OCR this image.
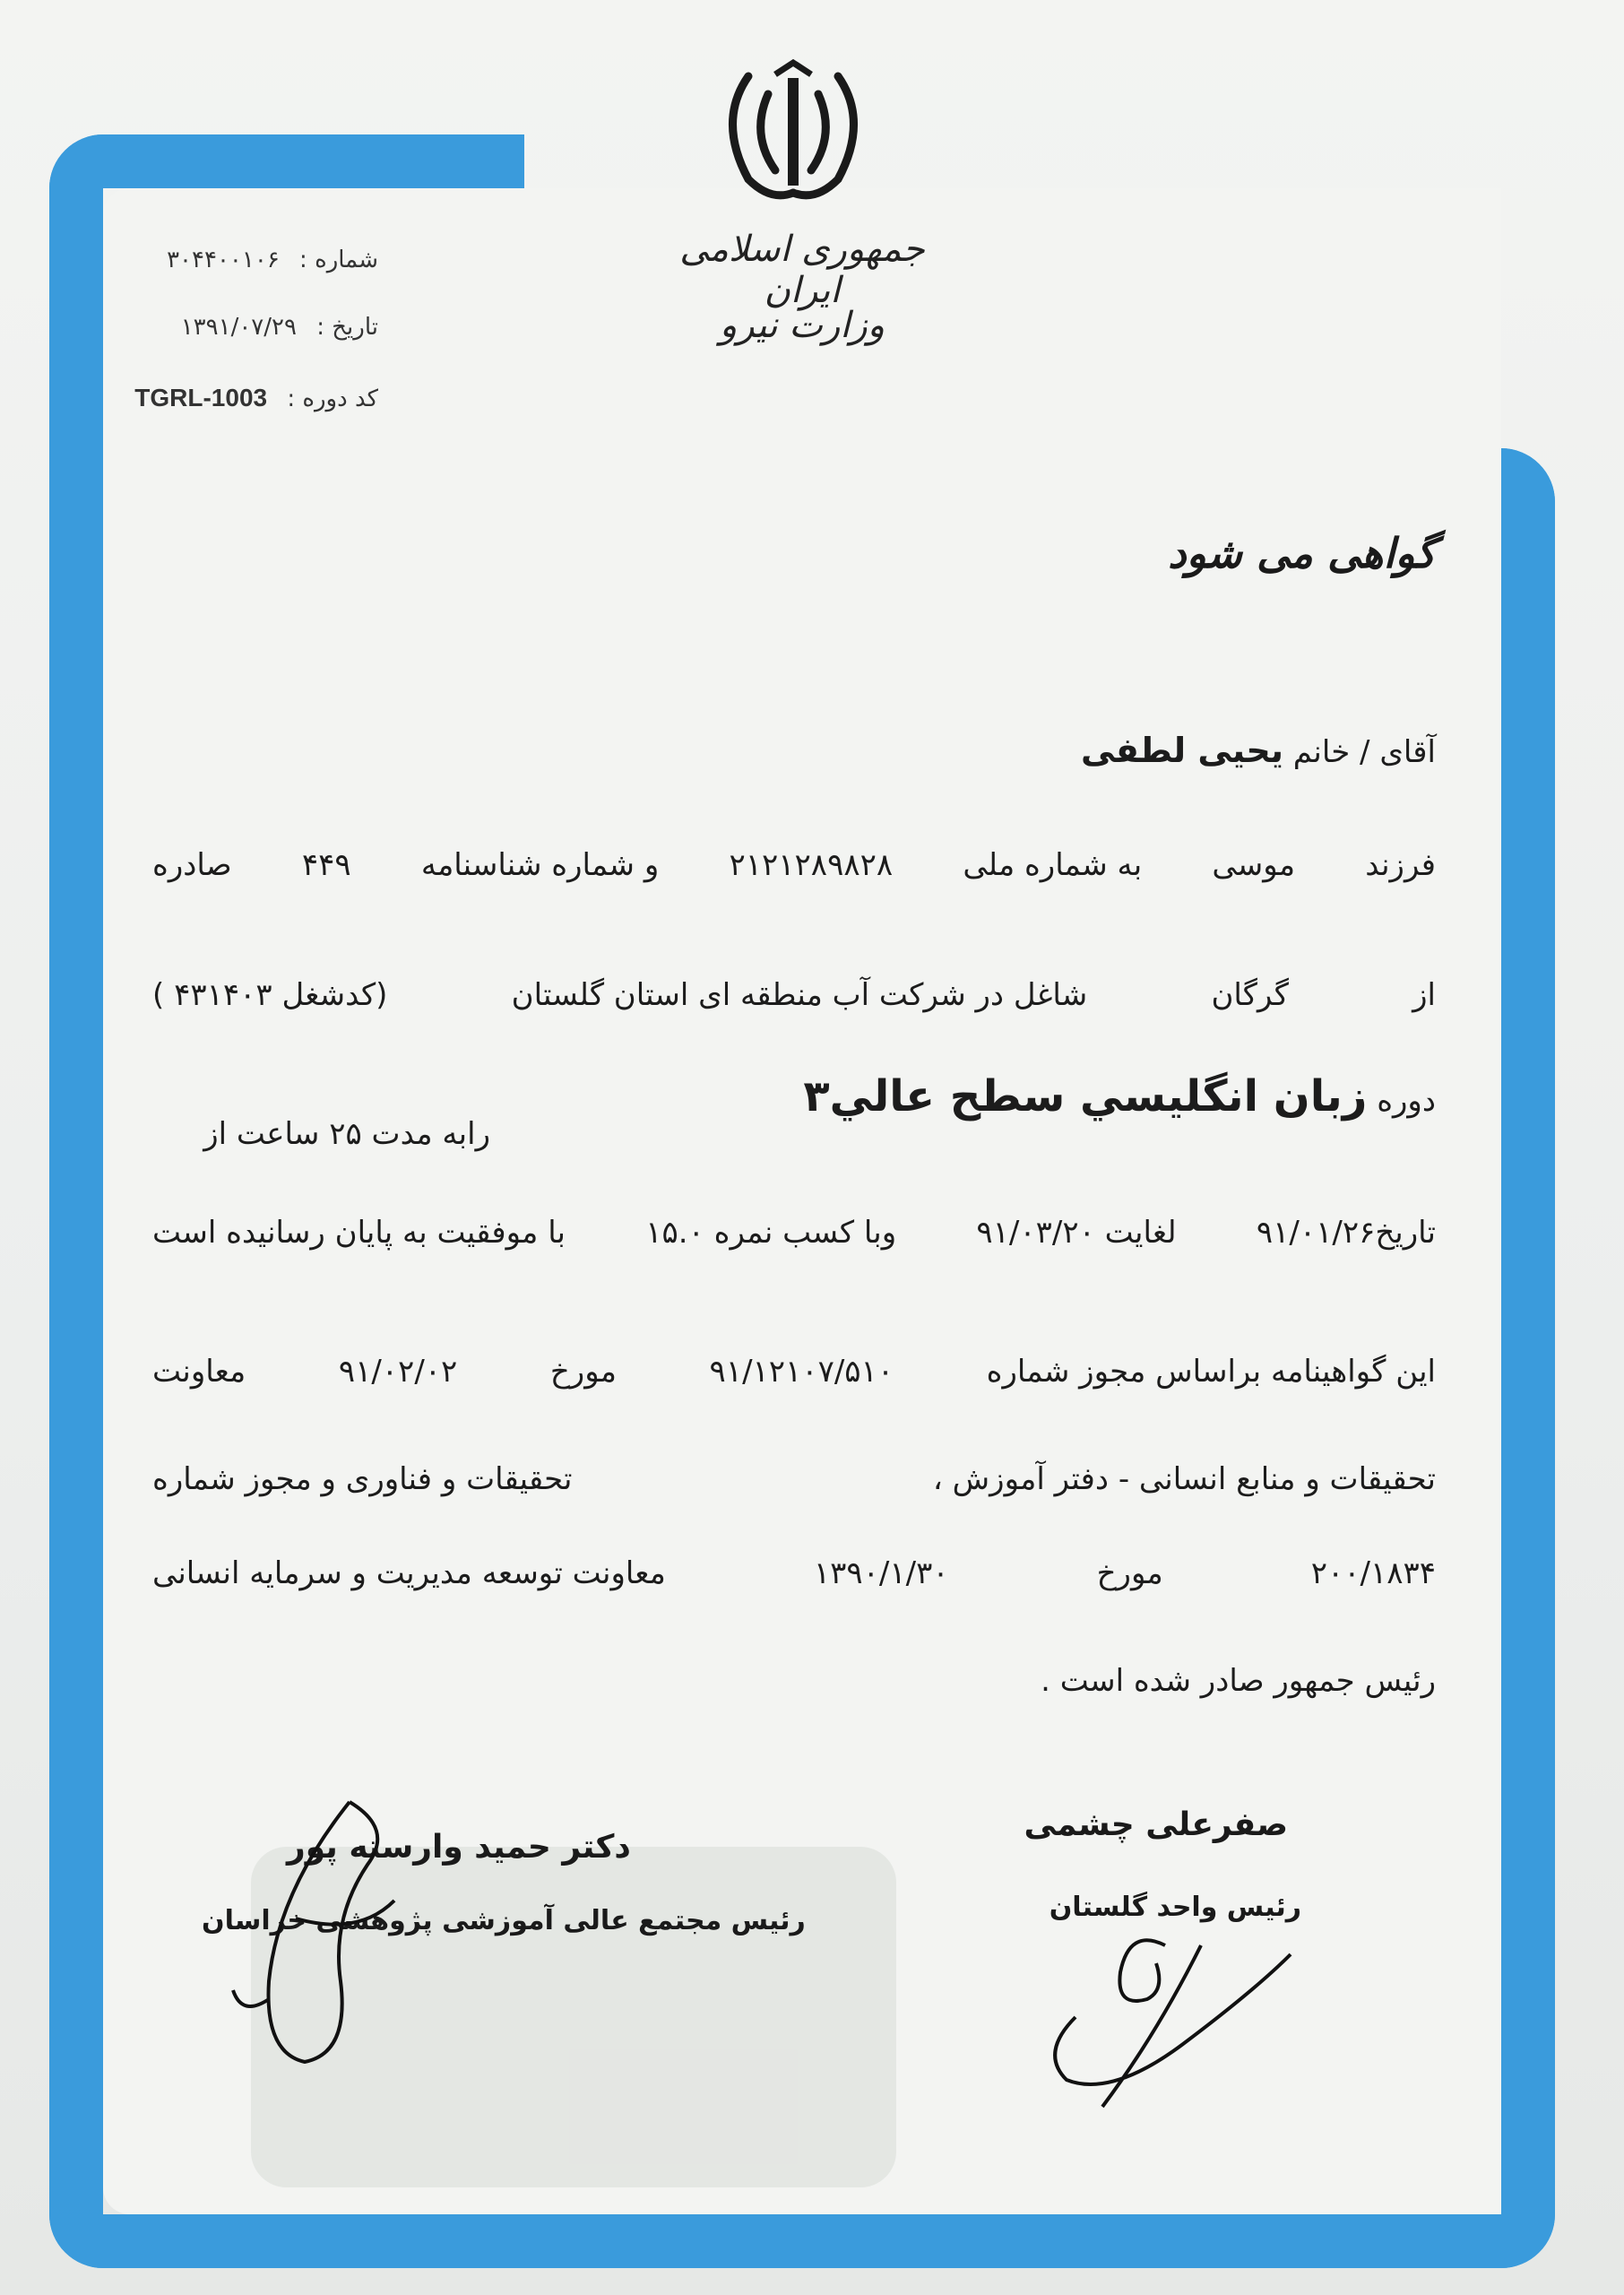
جمهوری اسلامی ایران
وزارت نیرو
شماره : ۳۰۴۴۰۰۱۰۶
تاریخ : ۱۳۹۱/۰۷/۲۹
کد دوره : TGRL-1003
گواهی می شود
آقای / خانم یحیی لطفی
فرزند
موسی
به شماره ملی
۲۱۲۱۲۸۹۸۲۸
و شماره شناسنامه
۴۴۹
صادره
از
گرگان
شاغل در شرکت آب منطقه ای استان گلستان
(کدشغل ۴۳۱۴۰۳ )
دوره زبان انگليسي سطح عالي۳
رابه مدت ۲۵ ساعت از
تاریخ۹۱/۰۱/۲۶
لغایت ۹۱/۰۳/۲۰
وبا کسب نمره ۱۵.۰
با موفقیت به پایان رسانیده است
این گواهینامه براساس مجوز شماره
۹۱/۱۲۱۰۷/۵۱۰
مورخ
۹۱/۰۲/۰۲
معاونت
تحقیقات و منابع انسانی - دفتر آموزش ،
تحقیقات و فناوری و مجوز شماره
۲۰۰/۱۸۳۴
مورخ
۱۳۹۰/۱/۳۰
معاونت توسعه مدیریت و سرمایه انسانی
رئیس جمهور صادر شده است .
صفرعلی چشمی
رئیس واحد گلستان
دکتر حمید وارسته پور
رئیس مجتمع عالی آموزشی پژوهشی خراسان
